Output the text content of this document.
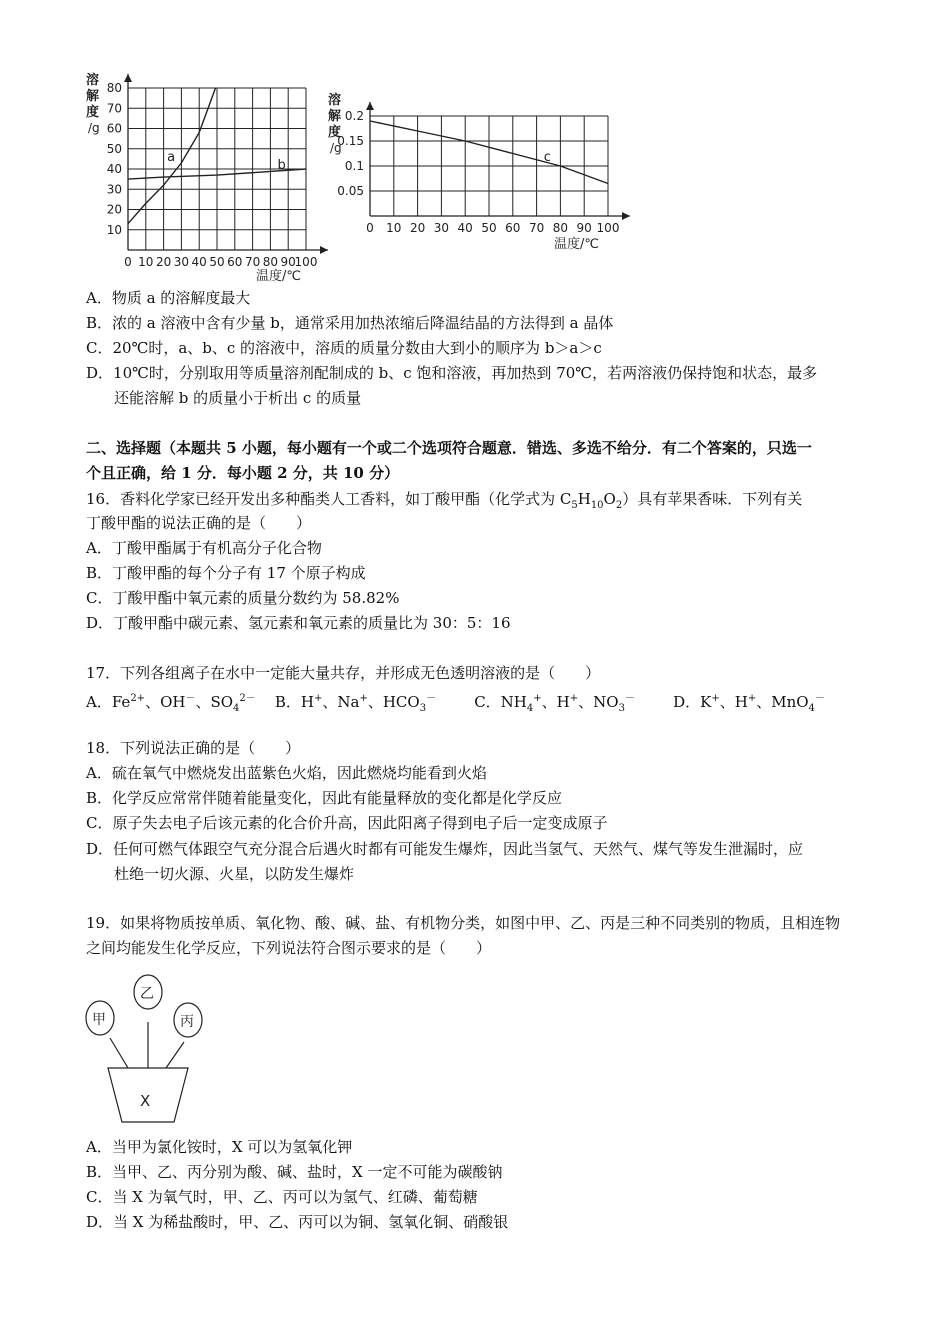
溶
解
度
/g
温度/℃
0 10 20 30 40 50 60 70 80 90
100
10
20
30
40
50
60
70
80
a
b
溶
解
度
/g
温度/℃
0 10 20 30 40 50 60 70 80 90 100
0.05
0.1
0.15
0.2
c
A．物质 a 的溶解度最大
B．浓的 a 溶液中含有少量 b，通常采用加热浓缩后降温结晶的方法得到 a 晶体
C．20℃时，a、b、c 的溶液中，溶质的质量分数由大到小的顺序为 b＞a＞c
D．10℃时，分别取用等质量溶剂配制成的 b、c 饱和溶液，再加热到 70℃，若两溶液仍保持饱和状态，最多
还能溶解 b 的质量小于析出 c 的质量
二、选择题（本题共 5 小题，每小题有一个或二个选项符合题意．错选、多选不给分．有二个答案的，只选一
个且正确，给 1 分．每小题 2 分，共 10 分）
16．香料化学家已经开发出多种酯类人工香料，如丁酸甲酯（化学式为 $C_5H_{10}O_2$）具有苹果香味．下列有关
丁酸甲酯的说法正确的是（　　）
A．丁酸甲酯属于有机高分子化合物
B．丁酸甲酯的每个分子有 17 个原子构成
C．丁酸甲酯中氧元素的质量分数约为 58.82%
D．丁酸甲酯中碳元素、氢元素和氧元素的质量比为 30：5：16
17．下列各组离子在水中一定能大量共存，并形成无色透明溶液的是（　　）
A．$Fe^{2+}$、OH－、$SO_4^{2-}$    B．H+、Na+、$HCO_3^-$        C．$NH_4^+$、H+、$NO_3^-$        D．K+、H+、MnO$_4$－
18．下列说法正确的是（　　）
A．硫在氧气中燃烧发出蓝紫色火焰，因此燃烧均能看到火焰
B．化学反应常常伴随着能量变化，因此有能量释放的变化都是化学反应
C．原子失去电子后该元素的化合价升高，因此阳离子得到电子后一定变成原子
D．任何可燃气体跟空气充分混合后遇火时都有可能发生爆炸，因此当氢气、天然气、煤气等发生泄漏时，应
杜绝一切火源、火星，以防发生爆炸
19．如果将物质按单质、氧化物、酸、碱、盐、有机物分类，如图中甲、乙、丙是三种不同类别的物质，且相连物
之间均能发生化学反应，下列说法符合图示要求的是（　　）
甲
乙
丙
X
A．当甲为氯化铵时，X 可以为氢氧化钾
B．当甲、乙、丙分别为酸、碱、盐时，X 一定不可能为碳酸钠
C．当 X 为氧气时，甲、乙、丙可以为氢气、红磷、葡萄糖
D．当 X 为稀盐酸时，甲、乙、丙可以为铜、氢氧化铜、硝酸银
